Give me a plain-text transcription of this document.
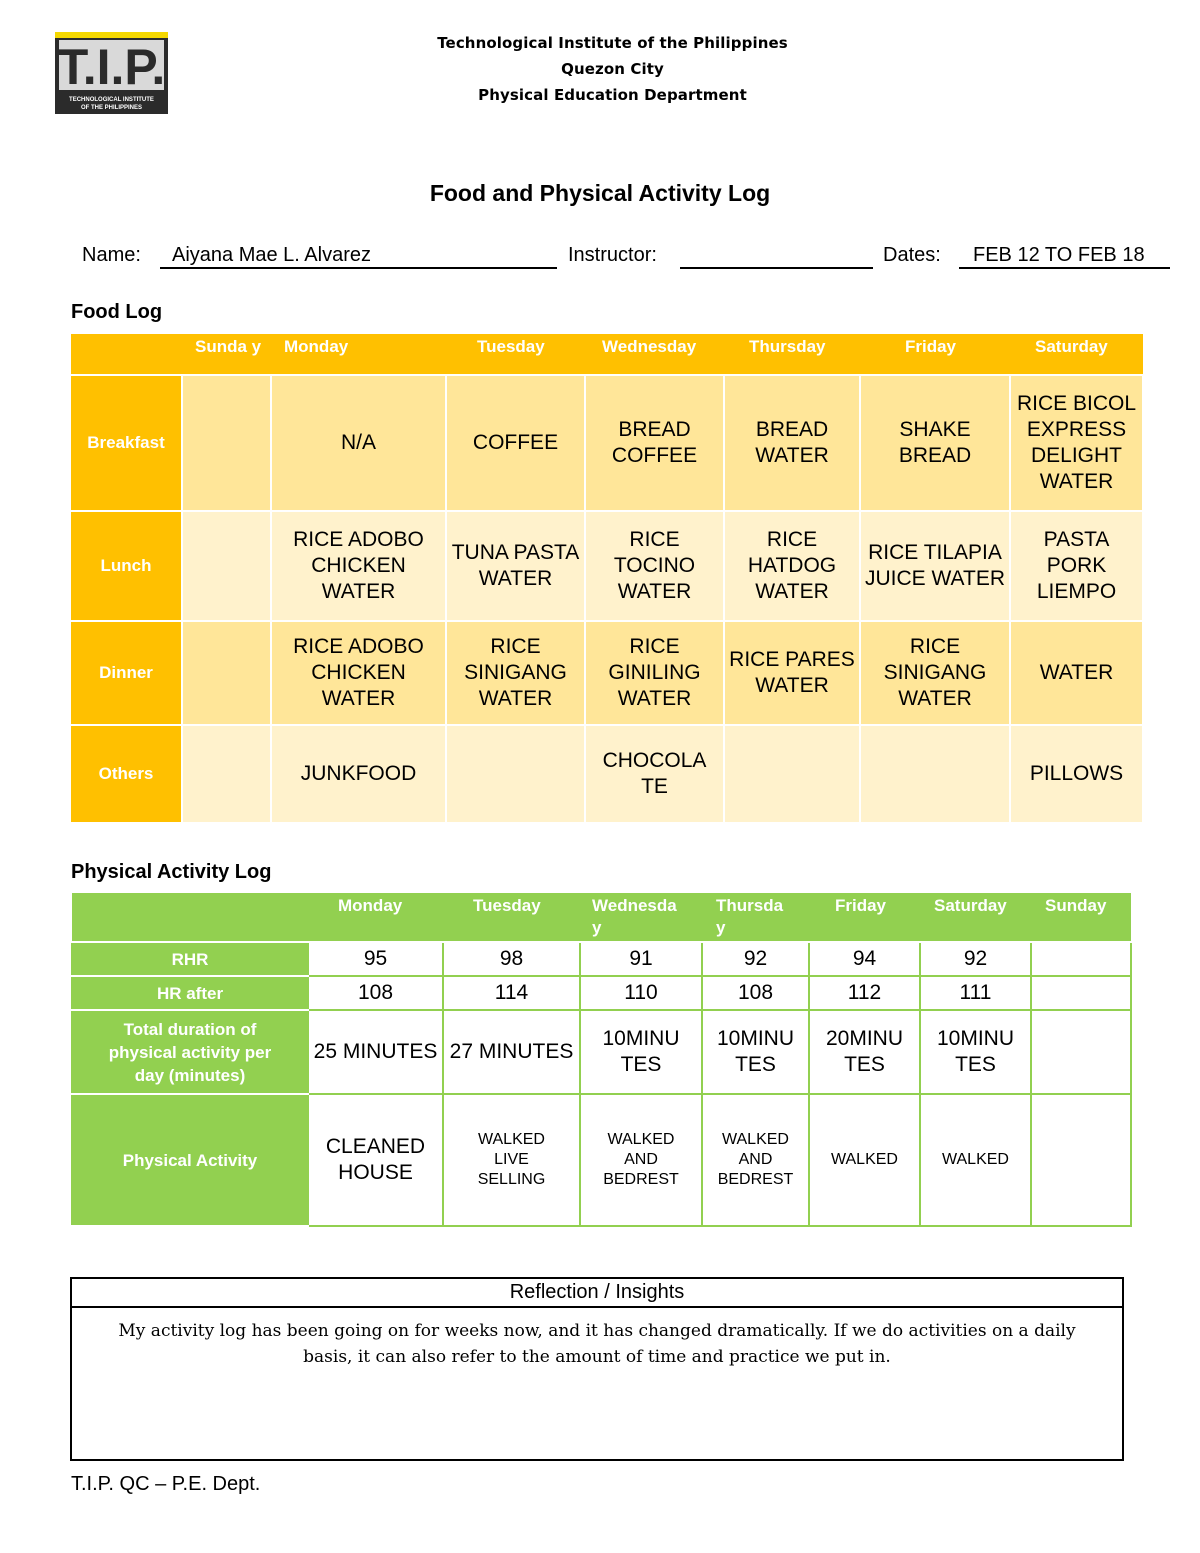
T.I.P.
TECHNOLOGICAL INSTITUTE
OF THE PHILIPPINES
Technological Institute of the Philippines
Quezon City
Physical Education Department
Food and Physical Activity Log
Name:	Aiyana Mae L. Alvarez	Instructor:	Dates:	FEB 12 TO FEB 18
Food Log
	Sunda y	Monday	Tuesday	Wednesday	Thursday	Friday	Saturday
Breakfast		N/A	COFFEE	BREAD COFFEE	BREAD WATER	SHAKE BREAD	RICE BICOL EXPRESS DELIGHT WATER
Lunch		RICE ADOBO CHICKEN WATER	TUNA PASTA WATER	RICE TOCINO WATER	RICE HATDOG WATER	RICE TILAPIA JUICE WATER	PASTA PORK LIEMPO
Dinner		RICE ADOBO CHICKEN WATER	RICE SINIGANG WATER	RICE GINILING WATER	RICE PARES WATER	RICE SINIGANG WATER	WATER
Others		JUNKFOOD		CHOCOLA TE			PILLOWS
Physical Activity Log
	Monday	Tuesday	Wednesda y	Thursda y	Friday	Saturday	Sunday
RHR	95	98	91	92	94	92	
HR after	108	114	110	108	112	111	
Total duration of physical activity per day (minutes)	25 MINUTES	27 MINUTES	10MINU TES	10MINU TES	20MINU TES	10MINU TES	
Physical Activity	CLEANED HOUSE	WALKED LIVE SELLING	WALKED AND BEDREST	WALKED AND BEDREST	WALKED	WALKED	
Reflection / Insights
My activity log has been going on for weeks now, and it has changed dramatically. If we do activities on a daily basis, it can also refer to the amount of time and practice we put in.
T.I.P. QC – P.E. Dept.
